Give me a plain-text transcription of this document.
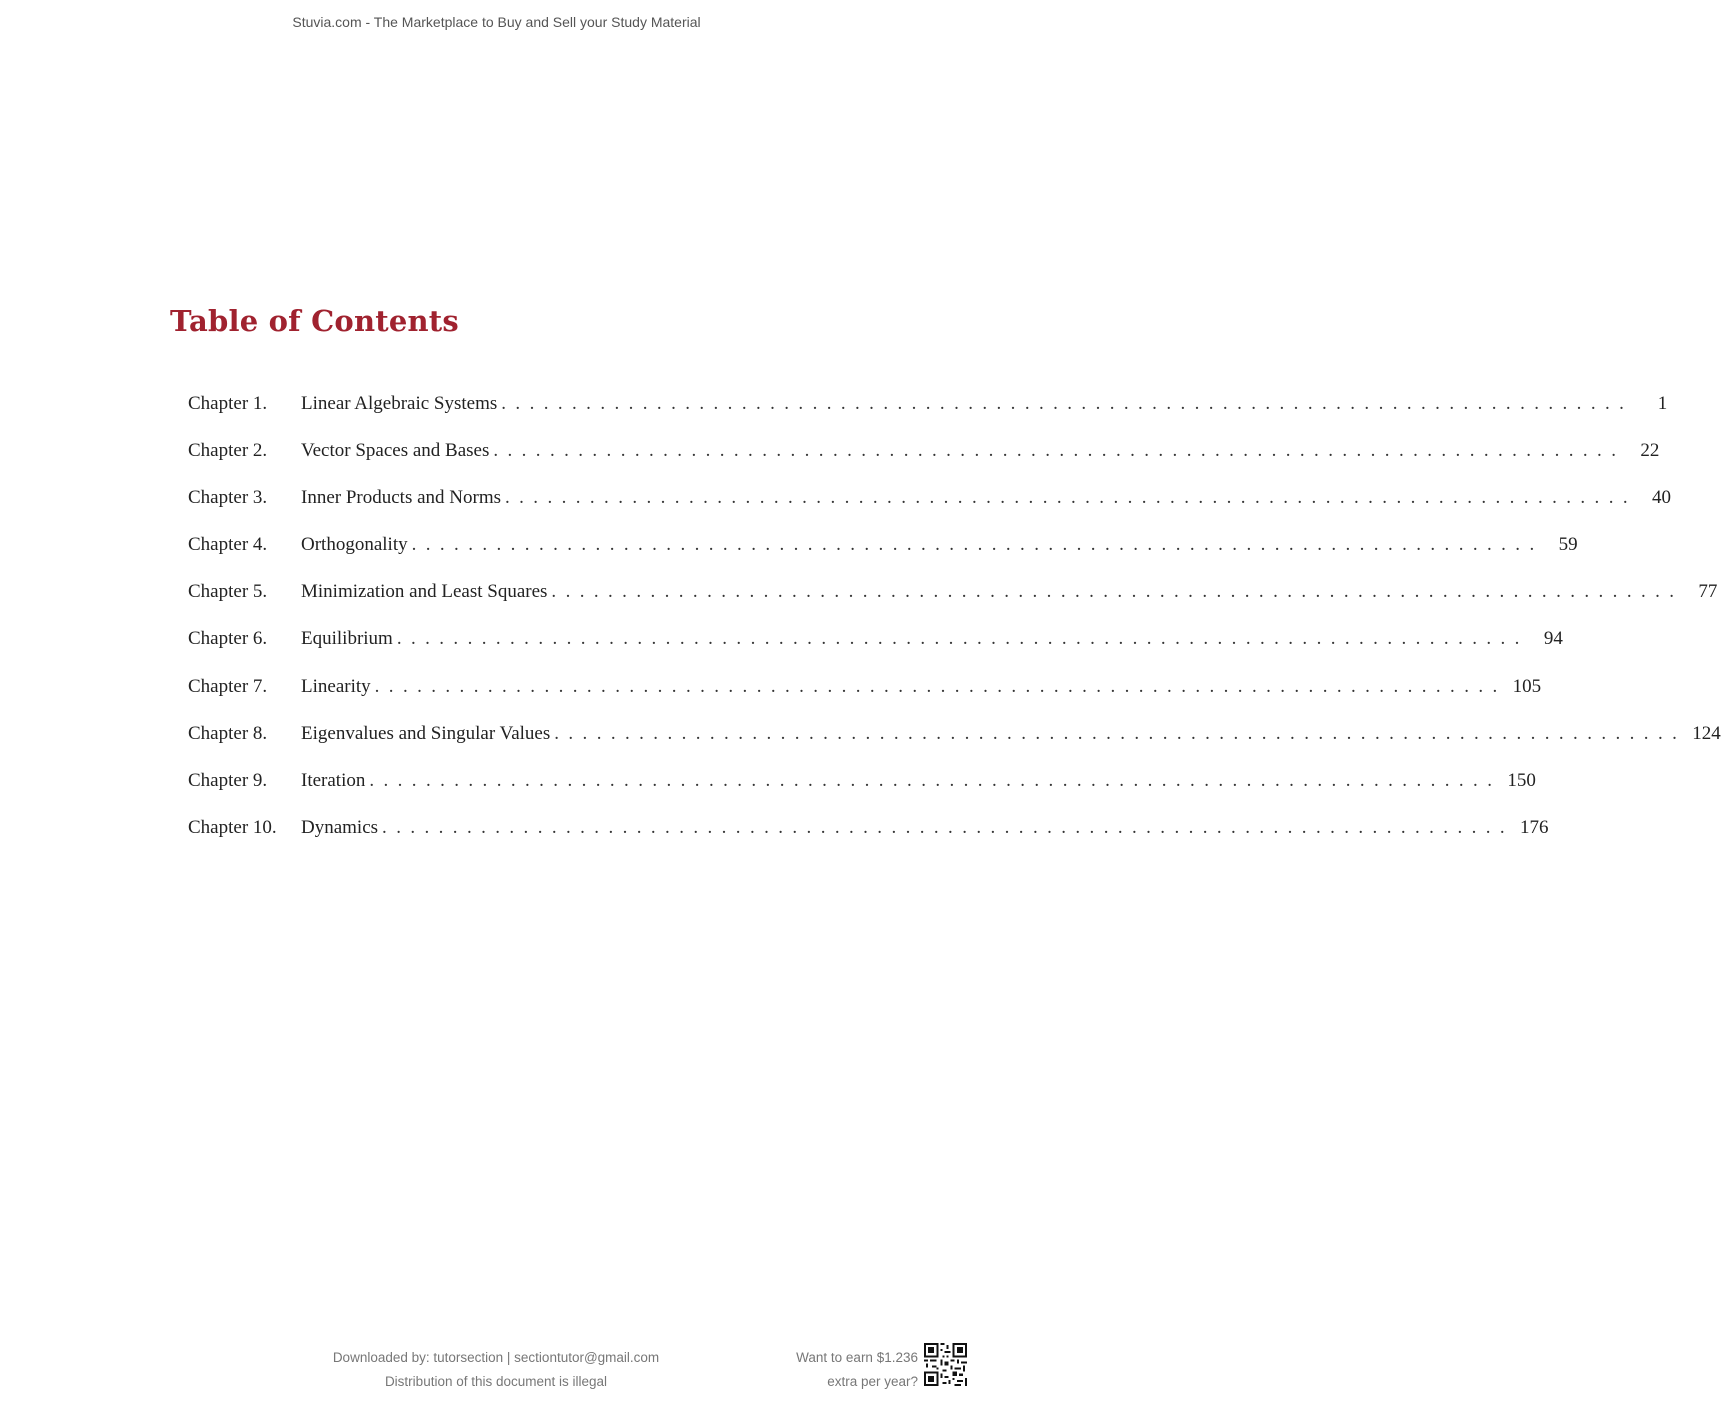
Stuvia.com - The Marketplace to Buy and Sell your Study Material
Table of Contents
Chapter 1.	Linear Algebraic Systems ................................................................................	1
Chapter 2.	Vector Spaces and Bases ................................................................................ 22
Chapter 3.	Inner Products and Norms ................................................................................ 40
Chapter 4.	Orthogonality ................................................................................ 59
Chapter 5.	Minimization and Least Squares ................................................................................ 77
Chapter 6.	Equilibrium ................................................................................ 94
Chapter 7.	Linearity ................................................................................ 105
Chapter 8.	Eigenvalues and Singular Values ................................................................................ 124
Chapter 9.	Iteration ................................................................................ 150
Chapter 10.	Dynamics ................................................................................ 176
Downloaded by: tutorsection | sectiontutor@gmail.com
Distribution of this document is illegal
Want to earn $1.236
extra per year?
